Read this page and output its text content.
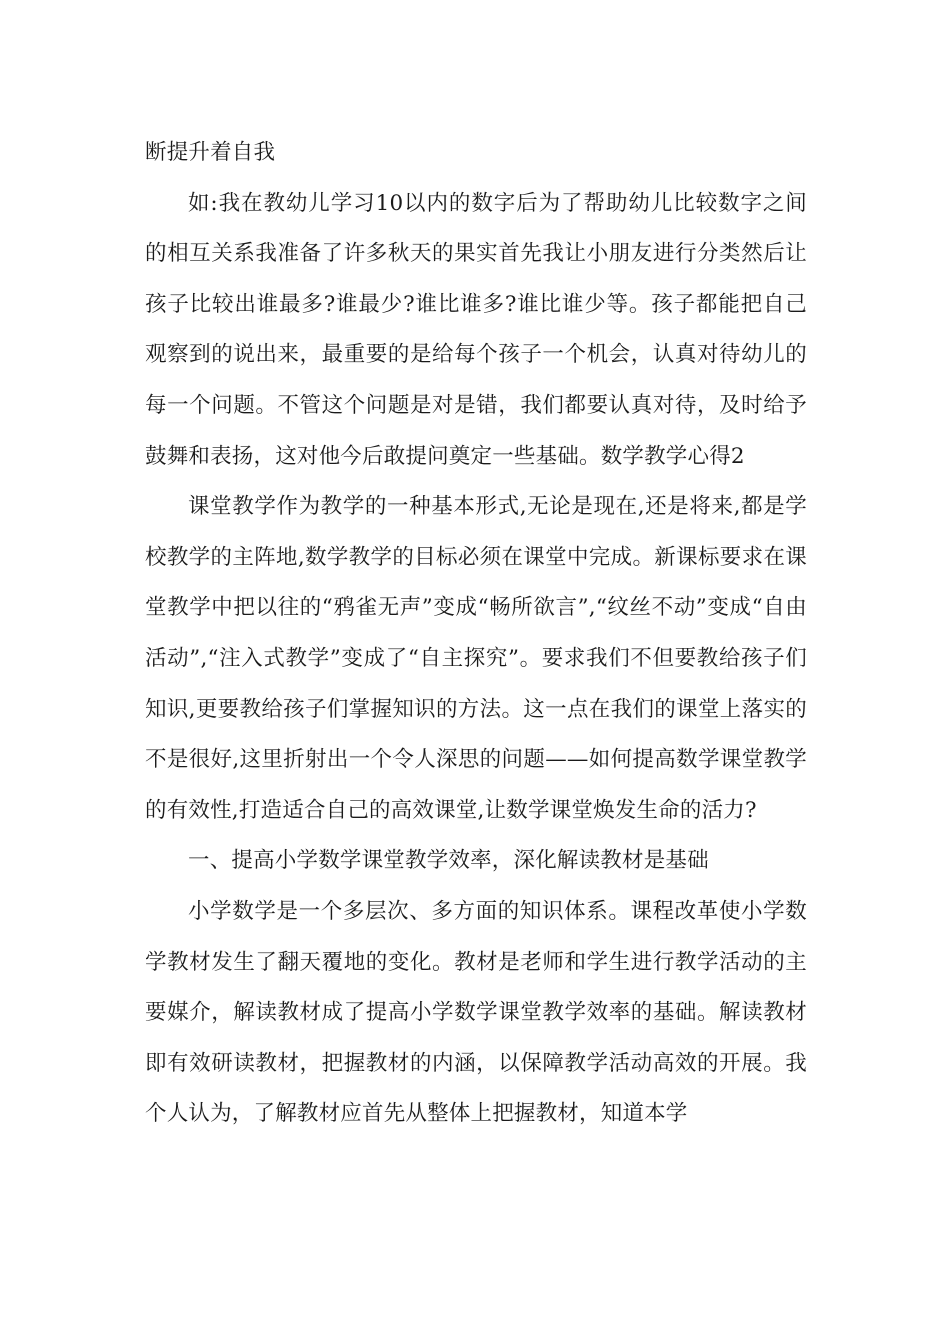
断提升着自我

如:我在教幼儿学习10以内的数字后为了帮助幼儿比较数字之间的相互关系我准备了许多秋天的果实首先我让小朋友进行分类然后让孩子比较出谁最多?谁最少?谁比谁多?谁比谁少等。孩子都能把自己观察到的说出来，最重要的是给每个孩子一个机会，认真对待幼儿的每一个问题。不管这个问题是对是错，我们都要认真对待，及时给予鼓舞和表扬，这对他今后敢提问奠定一些基础。数学教学心得2

课堂教学作为教学的一种基本形式,无论是现在,还是将来,都是学校教学的主阵地,数学教学的目标必须在课堂中完成。新课标要求在课堂教学中把以往的“鸦雀无声”变成“畅所欲言”,“纹丝不动”变成“自由活动”,“注入式教学”变成了“自主探究”。要求我们不但要教给孩子们知识,更要教给孩子们掌握知识的方法。这一点在我们的课堂上落实的不是很好,这里折射出一个令人深思的问题——如何提高数学课堂教学的有效性,打造适合自己的高效课堂,让数学课堂焕发生命的活力?

一、提高小学数学课堂教学效率，深化解读教材是基础

小学数学是一个多层次、多方面的知识体系。课程改革使小学数学教材发生了翻天覆地的变化。教材是老师和学生进行教学活动的主要媒介，解读教材成了提高小学数学课堂教学效率的基础。解读教材即有效研读教材，把握教材的内涵，以保障教学活动高效的开展。我个人认为，了解教材应首先从整体上把握教材，知道本学
